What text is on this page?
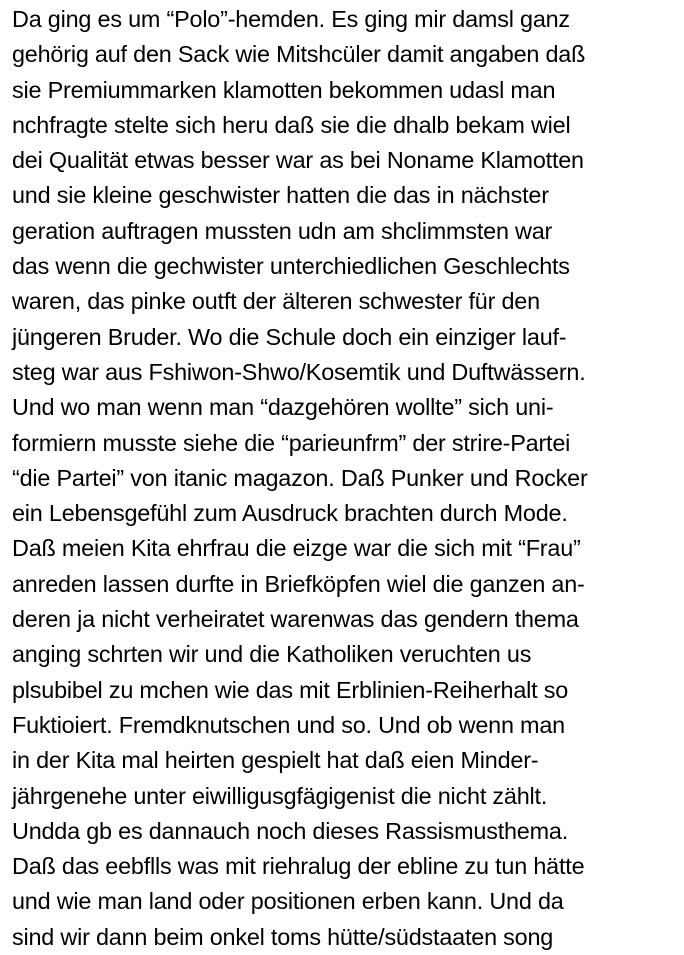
Da ging es um “Polo”-hemden. Es ging mir damsl ganz
gehörig auf den Sack wie Mitshcüler damit angaben daß
sie Premiummarken klamotten bekommen udasl man
nchfragte stelte sich heru daß sie die dhalb bekam wiel
dei Qualität etwas besser war as bei Noname Klamotten
und sie kleine geschwister hatten die das in nächster
geration auftragen mussten udn am shclimmsten war
das wenn die gechwister unterchiedlichen Geschlechts
waren, das pinke outft der älteren schwester für den
jüngeren Bruder. Wo die Schule doch ein einziger lauf-
steg war aus Fshiwon-Shwo/Kosemtik und Duftwässern.
Und wo man wenn man “dazgehören wollte” sich uni-
formiern musste siehe die “parieunfrm” der strire-Partei
“die Partei” von itanic magazon. Daß Punker und Rocker
ein Lebensgefühl zum Ausdruck brachten durch Mode.
Daß meien Kita ehrfrau die eizge war die sich mit “Frau”
anreden lassen durfte in Briefköpfen wiel die ganzen an-
deren ja nicht verheiratet warenwas das gendern thema
anging schrten wir und die Katholiken veruchten us
plsubibel zu mchen wie das mit Erblinien-Reiherhalt so
Fuktioiert. Fremdknutschen und so. Und ob wenn man
in der Kita mal heirten gespielt hat daß eien Minder-
jährgenehe unter eiwilligusgfägigenist die nicht zählt.
Undda gb es dannauch noch dieses Rassismusthema.
Daß das eebflls was mit riehralug der ebline zu tun hätte
und wie man land oder positionen erben kann. Und da
sind wir dann beim onkel toms hütte/südstaaten song
